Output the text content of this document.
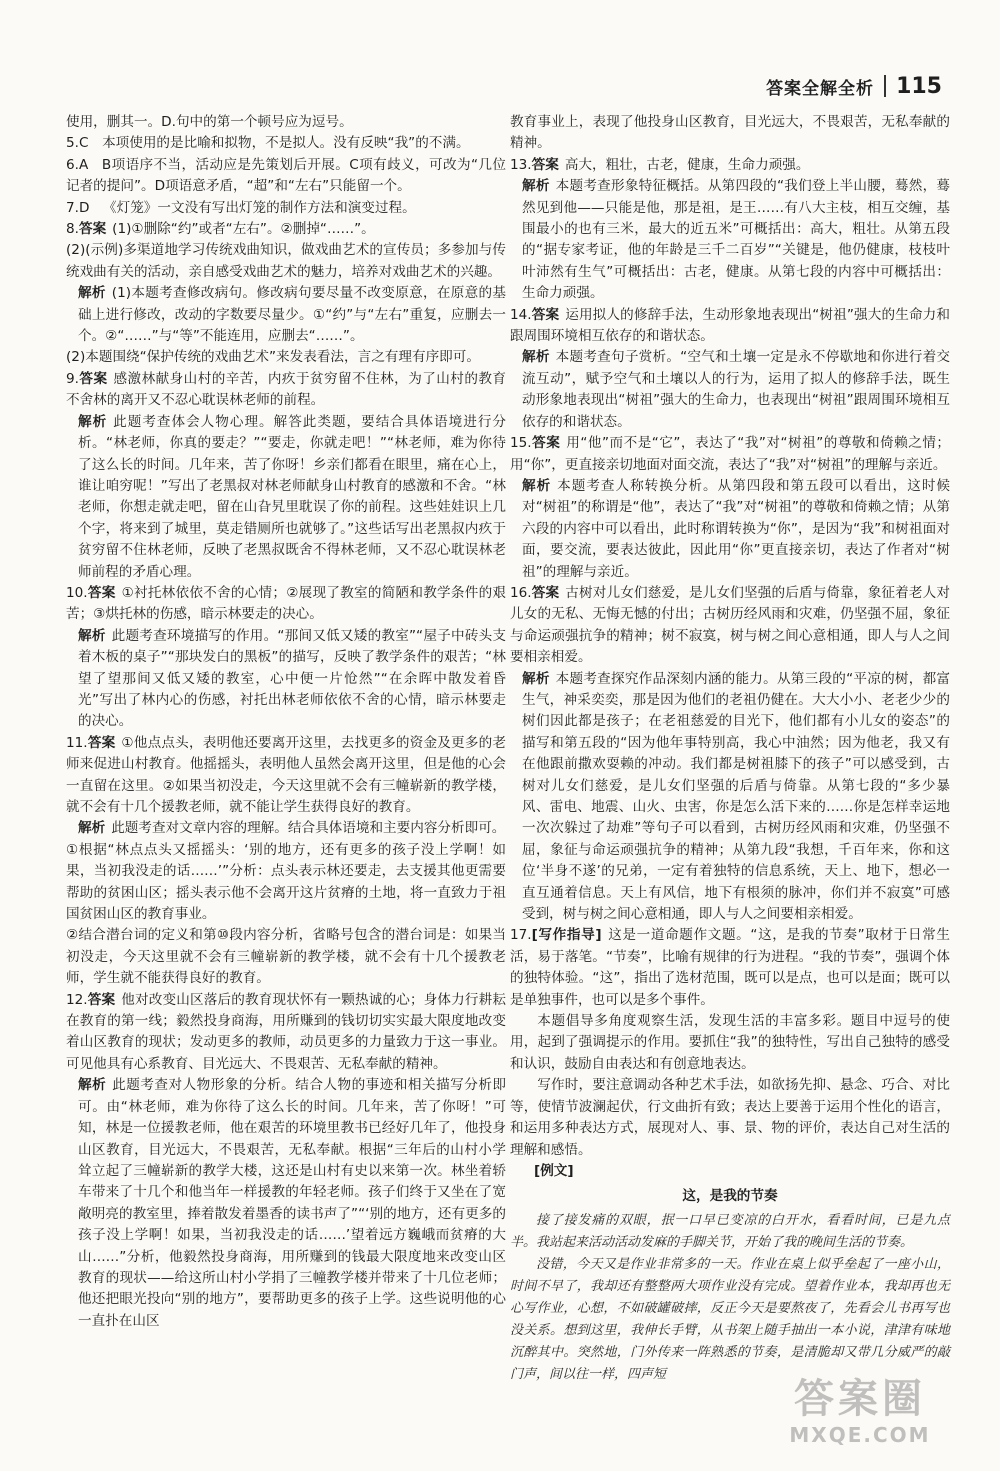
答案全解全析 115

使用，删其一。D.句中的第一个顿号应为逗号。

5.C  本项使用的是比喻和拟物，不是拟人。没有反映“我”的不满。

6.A  B项语序不当，活动应是先策划后开展。C项有歧义，可改为“几位记者的提问”。D项语意矛盾，“超”和“左右”只能留一个。

7.D  《灯笼》一文没有写出灯笼的制作方法和演变过程。

8.答案 (1)①删除“约”或者“左右”。②删掉“……”。

(2)(示例)多渠道地学习传统戏曲知识，做戏曲艺术的宣传员；多参加与传统戏曲有关的活动，亲自感受戏曲艺术的魅力，培养对戏曲艺术的兴趣。

解析 (1)本题考查修改病句。修改病句要尽量不改变原意，在原意的基础上进行修改，改动的字数要尽量少。①“约”与“左右”重复，应删去一个。②“……”与“等”不能连用，应删去“……”。

(2)本题围绕“保护传统的戏曲艺术”来发表看法，言之有理有序即可。

9.答案 感激林献身山村的辛苦，内疚于贫穷留不住林，为了山村的教育不舍林的离开又不忍心耽误林老师的前程。

解析 此题考查体会人物心理。解答此类题，要结合具体语境进行分析。“林老师，你真的要走？”“要走，你就走吧！”“林老师，难为你待了这么长的时间。几年来，苦了你呀！乡亲们都看在眼里，痛在心上，谁让咱穷呢！”写出了老黑叔对林老师献身山村教育的感激和不舍。“林老师，你想走就走吧，留在山旮旯里耽误了你的前程。这些娃娃识上几个字，将来到了城里，莫走错厕所也就够了。”这些话写出老黑叔内疚于贫穷留不住林老师，反映了老黑叔既舍不得林老师，又不忍心耽误林老师前程的矛盾心理。

10.答案 ①衬托林依依不舍的心情；②展现了教室的简陋和教学条件的艰苦；③烘托林的伤感，暗示林要走的决心。

解析 此题考查环境描写的作用。“那间又低又矮的教室”“屋子中砖头支着木板的桌子”“那块发白的黑板”的描写，反映了教学条件的艰苦；“林望了望那间又低又矮的教室，心中便一片怆然”“在余晖中散发着昏光”写出了林内心的伤感，衬托出林老师依依不舍的心情，暗示林要走的决心。

11.答案 ①他点点头，表明他还要离开这里，去找更多的资金及更多的老师来促进山村教育。他摇摇头，表明他人虽然会离开这里，但是他的心会一直留在这里。②如果当初没走，今天这里就不会有三幢崭新的教学楼，就不会有十几个援教老师，就不能让学生获得良好的教育。

解析 此题考查对文章内容的理解。结合具体语境和主要内容分析即可。

①根据“林点点头又摇摇头：‘别的地方，还有更多的孩子没上学啊！如果，当初我没走的话……’”分析：点头表示林还要走，去支援其他更需要帮助的贫困山区；摇头表示他不会离开这片贫瘠的土地，将一直致力于祖国贫困山区的教育事业。

②结合潜台词的定义和第⑩段内容分析，省略号包含的潜台词是：如果当初没走，今天这里就不会有三幢崭新的教学楼，就不会有十几个援教老师，学生就不能获得良好的教育。

12.答案 他对改变山区落后的教育现状怀有一颗热诚的心；身体力行耕耘在教育的第一线；毅然投身商海，用所赚到的钱切切实实最大限度地改变着山区教育的现状；发动更多的教师，动员更多的力量致力于这一事业。可见他具有心系教育、目光远大、不畏艰苦、无私奉献的精神。

解析 此题考查对人物形象的分析。结合人物的事迹和相关描写分析即可。由“林老师，难为你待了这么长的时间。几年来，苦了你呀！”可知，林是一位援教老师，他在艰苦的环境里教书已经好几年了，他投身山区教育，目光远大，不畏艰苦，无私奉献。根据“三年后的山村小学耸立起了三幢崭新的教学大楼，这还是山村有史以来第一次。林坐着轿车带来了十几个和他当年一样援教的年轻老师。孩子们终于又坐在了宽敞明亮的教室里，捧着散发着墨香的读书声了”“‘别的地方，还有更多的孩子没上学啊！如果，当初我没走的话……’望着远方巍峨而贫瘠的大山……”分析，他毅然投身商海，用所赚到的钱最大限度地来改变山区教育的现状——给这所山村小学捐了三幢教学楼并带来了十几位老师；他还把眼光投向“别的地方”，要帮助更多的孩子上学。这些说明他的心一直扑在山区

教育事业上，表现了他投身山区教育，目光远大，不畏艰苦，无私奉献的精神。

13.答案 高大，粗壮，古老，健康，生命力顽强。

解析 本题考查形象特征概括。从第四段的“我们登上半山腰，蓦然，蓦然见到他——只能是他，那是祖，是王……有八大主枝，相互交缠，基围最小的也有三米，最大的近五米”可概括出：高大，粗壮。从第五段的“据专家考证，他的年龄是三千二百岁”“关键是，他仍健康，枝枝叶叶沛然有生气”可概括出：古老，健康。从第七段的内容中可概括出：生命力顽强。

14.答案 运用拟人的修辞手法，生动形象地表现出“树祖”强大的生命力和跟周围环境相互依存的和谐状态。

解析 本题考查句子赏析。“空气和土壤一定是永不停歇地和你进行着交流互动”，赋予空气和土壤以人的行为，运用了拟人的修辞手法，既生动形象地表现出“树祖”强大的生命力，也表现出“树祖”跟周围环境相互依存的和谐状态。

15.答案 用“他”而不是“它”，表达了“我”对“树祖”的尊敬和倚赖之情；用“你”，更直接亲切地面对面交流，表达了“我”对“树祖”的理解与亲近。

解析 本题考查人称转换分析。从第四段和第五段可以看出，这时候对“树祖”的称谓是“他”，表达了“我”对“树祖”的尊敬和倚赖之情；从第六段的内容中可以看出，此时称谓转换为“你”，是因为“我”和树祖面对面，要交流，要表达彼此，因此用“你”更直接亲切，表达了作者对“树祖”的理解与亲近。

16.答案 古树对儿女们慈爱，是儿女们坚强的后盾与倚靠，象征着老人对儿女的无私、无悔无憾的付出；古树历经风雨和灾难，仍坚强不屈，象征与命运顽强抗争的精神；树不寂寞，树与树之间心意相通，即人与人之间要相亲相爱。

解析 本题考查探究作品深刻内涵的能力。从第三段的“平凉的树，都富生气，神采奕奕，那是因为他们的老祖仍健在。大大小小、老老少少的树们因此都是孩子；在老祖慈爱的目光下，他们都有小儿女的姿态”的描写和第五段的“因为他年事特别高，我心中油然；因为他老，我又有在他跟前撒欢耍赖的冲动。我们都是树祖膝下的孩子”可以感受到，古树对儿女们慈爱，是儿女们坚强的后盾与倚靠。从第七段的“多少暴风、雷电、地震、山火、虫害，你是怎么活下来的……你是怎样幸运地一次次躲过了劫难”等句子可以看到，古树历经风雨和灾难，仍坚强不屈，象征与命运顽强抗争的精神；从第九段“我想，千百年来，你和这位‘半身不遂’的兄弟，一定有着独特的信息系统，天上、地下，想必一直互通着信息。天上有风信，地下有根须的脉冲，你们并不寂寞”可感受到，树与树之间心意相通，即人与人之间要相亲相爱。

17.[写作指导] 这是一道命题作文题。“这，是我的节奏”取材于日常生活，易于落笔。“节奏”，比喻有规律的行为进程。“我的节奏”，强调个体的独特体验。“这”，指出了选材范围，既可以是点，也可以是面；既可以是单独事件，也可以是多个事件。

本题倡导多角度观察生活，发现生活的丰富多彩。题目中逗号的使用，起到了强调提示的作用。要抓住“我”的独特性，写出自己独特的感受和认识，鼓励自由表达和有创意地表达。

写作时，要注意调动各种艺术手法，如欲扬先抑、悬念、巧合、对比等，使情节波澜起伏，行文曲折有致；表达上要善于运用个性化的语言，和运用多种表达方式，展现对人、事、景、物的评价，表达自己对生活的理解和感悟。

[例文]

这，是我的节奏

接了接发痛的双眼，抿一口早已变凉的白开水，看看时间，已是九点半。我站起来活动活动发麻的手脚关节，开始了我的晚间生活的节奏。

没错，今天又是作业非常多的一天。作业在桌上似乎垒起了一座小山，时间不早了，我却还有整整两大项作业没有完成。望着作业本，我却再也无心写作业，心想，不如破罐破摔，反正今天是要熬夜了，先看会儿书再写也没关系。想到这里，我伸长手臂，从书架上随手抽出一本小说，津津有味地沉醉其中。突然地，门外传来一阵熟悉的节奏，是清脆却又带几分威严的敲门声，间以往一样，四声短

答案圈
MXQE.COM
